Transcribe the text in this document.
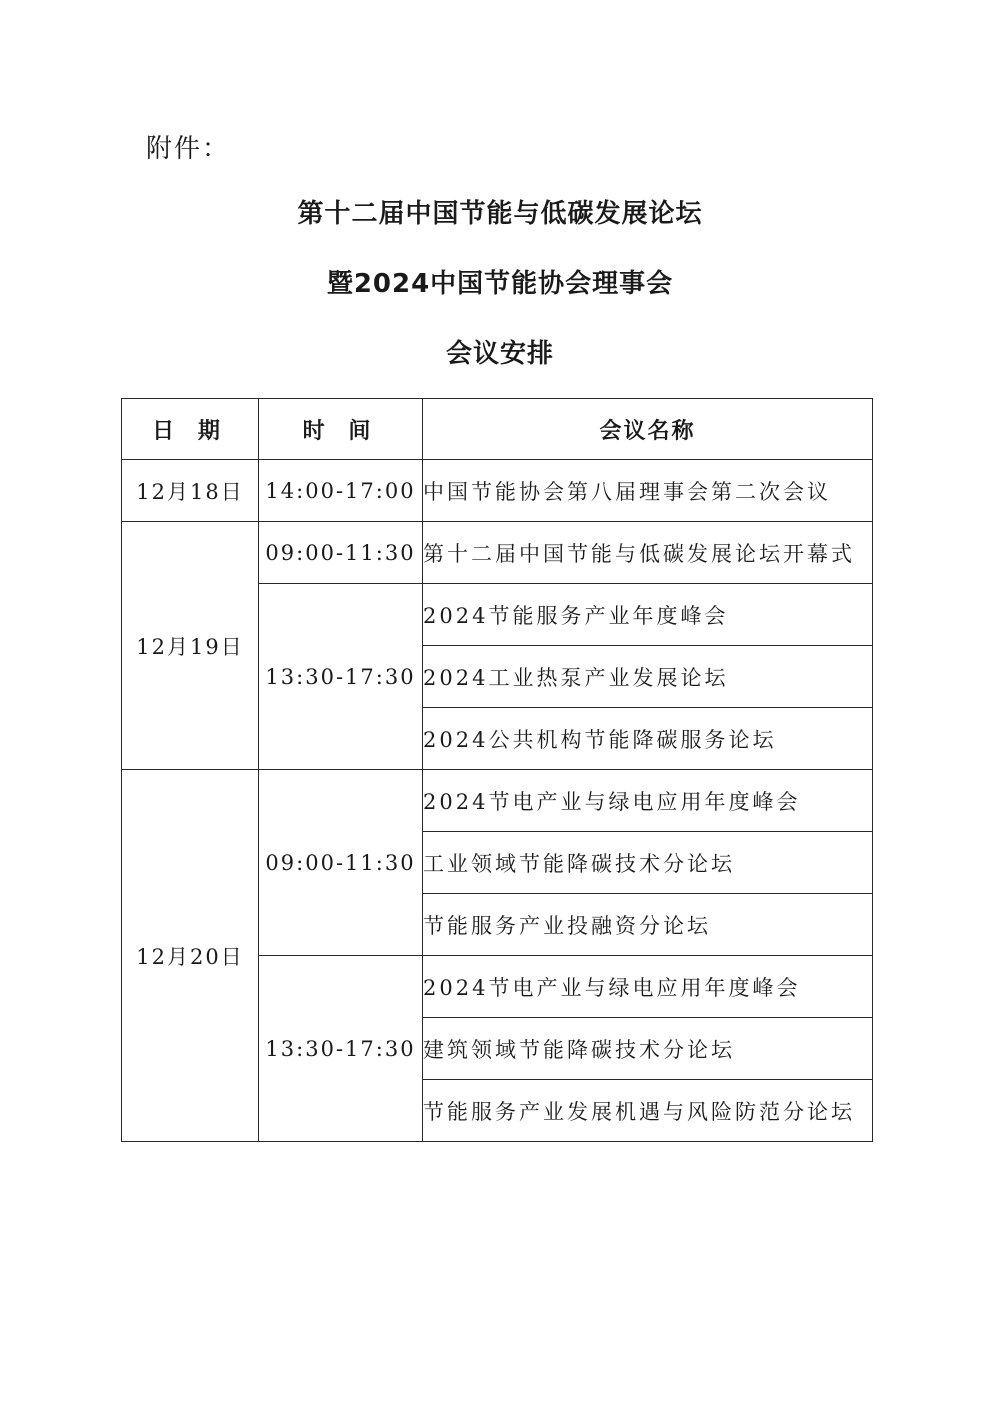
附件：
第十二届中国节能与低碳发展论坛
暨2024中国节能协会理事会
会议安排
日 期	时 间	会议名称
12月18日	14:00-17:00	中国节能协会第八届理事会第二次会议
12月19日	09:00-11:30	第十二届中国节能与低碳发展论坛开幕式
	13:30-17:30	2024节能服务产业年度峰会
		2024工业热泵产业发展论坛
		2024公共机构节能降碳服务论坛
12月20日	09:00-11:30	2024节电产业与绿电应用年度峰会
		工业领域节能降碳技术分论坛
		节能服务产业投融资分论坛
	13:30-17:30	2024节电产业与绿电应用年度峰会
		建筑领域节能降碳技术分论坛
		节能服务产业发展机遇与风险防范分论坛
